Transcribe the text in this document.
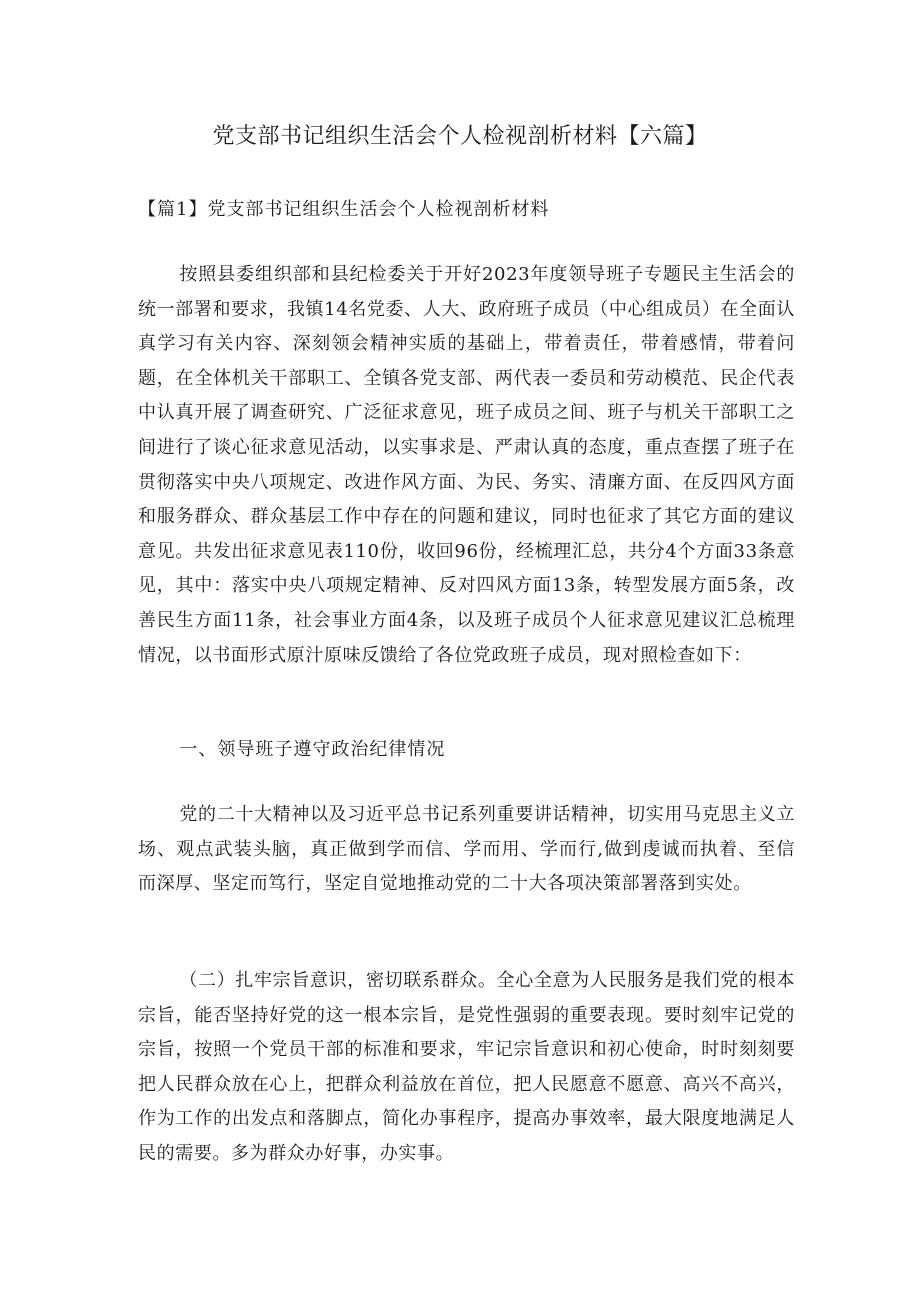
党支部书记组织生活会个人检视剖析材料【六篇】

【篇1】党支部书记组织生活会个人检视剖析材料

按照县委组织部和县纪检委关于开好2023年度领导班子专题民主生活会的统一部署和要求，我镇14名党委、人大、政府班子成员（中心组成员）在全面认真学习有关内容、深刻领会精神实质的基础上，带着责任，带着感情，带着问题，在全体机关干部职工、全镇各党支部、两代表一委员和劳动模范、民企代表中认真开展了调查研究、广泛征求意见，班子成员之间、班子与机关干部职工之间进行了谈心征求意见活动，以实事求是、严肃认真的态度，重点查摆了班子在贯彻落实中央八项规定、改进作风方面、为民、务实、清廉方面、在反四风方面和服务群众、群众基层工作中存在的问题和建议，同时也征求了其它方面的建议意见。共发出征求意见表110份，收回96份，经梳理汇总，共分4个方面33条意见，其中：落实中央八项规定精神、反对四风方面13条，转型发展方面5条，改善民生方面11条，社会事业方面4条，以及班子成员个人征求意见建议汇总梳理情况，以书面形式原汁原味反馈给了各位党政班子成员，现对照检查如下：

一、领导班子遵守政治纪律情况

党的二十大精神以及习近平总书记系列重要讲话精神，切实用马克思主义立场、观点武装头脑，真正做到学而信、学而用、学而行,做到虔诚而执着、至信而深厚、坚定而笃行，坚定自觉地推动党的二十大各项决策部署落到实处。

（二）扎牢宗旨意识，密切联系群众。全心全意为人民服务是我们党的根本宗旨，能否坚持好党的这一根本宗旨，是党性强弱的重要表现。要时刻牢记党的宗旨，按照一个党员干部的标准和要求，牢记宗旨意识和初心使命，时时刻刻要把人民群众放在心上，把群众利益放在首位，把人民愿意不愿意、高兴不高兴，作为工作的出发点和落脚点，简化办事程序，提高办事效率，最大限度地满足人民的需要。多为群众办好事，办实事。
